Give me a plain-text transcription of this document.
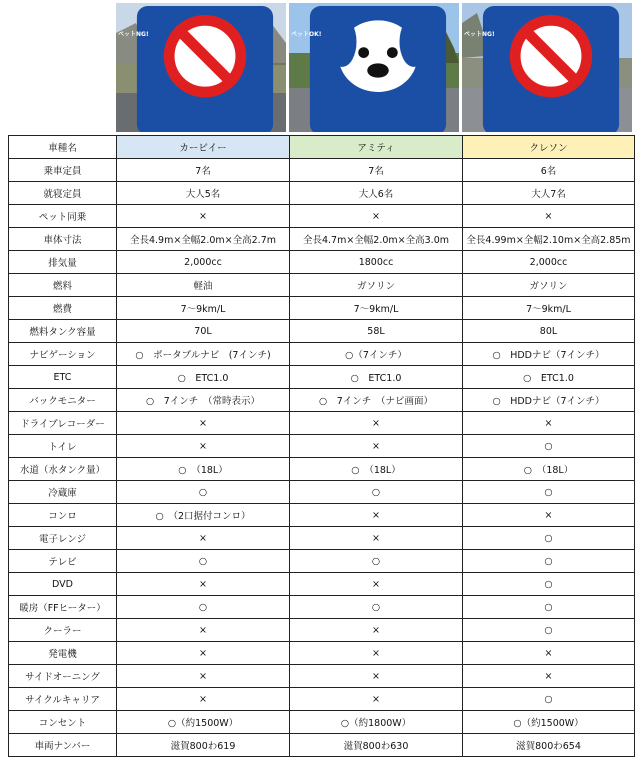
ペットNG!	ペットOK!	ペットNG!
車種名	カービイー	アミティ	クレソン
乗車定員	7名	7名	6名
就寝定員	大人5名	大人6名	大人7名
ペット同乗	×	×	×
車体寸法	全長4.9m×全幅2.0m×全高2.7m	全長4.7m×全幅2.0m×全高3.0m	全長4.99m×全幅2.10m×全高2.85m
排気量	2,000cc	1800cc	2,000cc
燃料	軽油	ガソリン	ガソリン
燃費	7〜9km/L	7〜9km/L	7〜9km/L
燃料タンク容量	70L	58L	80L
ナビゲーション	○　ポータブルナビ　(7インチ)	○（7インチ）	○　HDDナビ（7インチ）
ETC	○　ETC1.0	○　ETC1.0	○　ETC1.0
バックモニター	○　7インチ　（常時表示）	○　7インチ　（ナビ画面）	○　HDDナビ（7インチ）
ドライブレコーダー	×	×	×
トイレ	×	×	○
水道（水タンク量）	○　（18L）	○　（18L）	○　（18L）
冷蔵庫	○	○	○
コンロ	○　（2口据付コンロ）	×	×
電子レンジ	×	×	○
テレビ	○	○	○
DVD	×	×	○
暖房（FFヒーター）	○	○	○
クーラー	×	×	○
発電機	×	×	×
サイドオーニング	×	×	×
サイクルキャリア	×	×	○
コンセント	○（約1500W）	○（約1800W）	○（約1500W）
車両ナンバー	滋賀800わ619	滋賀800わ630	滋賀800わ654
